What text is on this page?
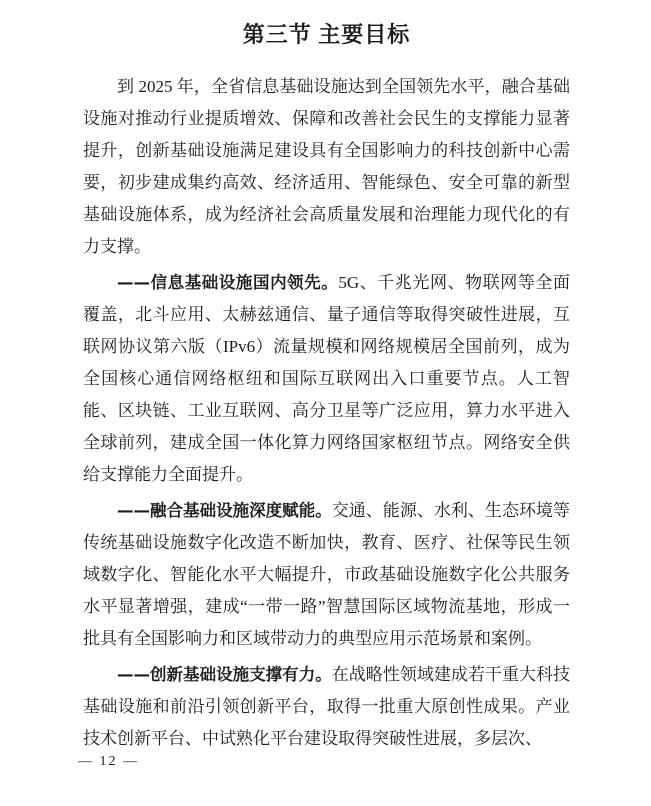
第三节 主要目标

到 2025 年，全省信息基础设施达到全国领先水平，融合基础设施对推动行业提质增效、保障和改善社会民生的支撑能力显著提升，创新基础设施满足建设具有全国影响力的科技创新中心需要，初步建成集约高效、经济适用、智能绿色、安全可靠的新型基础设施体系，成为经济社会高质量发展和治理能力现代化的有力支撑。

——信息基础设施国内领先。5G、千兆光网、物联网等全面覆盖，北斗应用、太赫兹通信、量子通信等取得突破性进展，互联网协议第六版（IPv6）流量规模和网络规模居全国前列，成为全国核心通信网络枢纽和国际互联网出入口重要节点。人工智能、区块链、工业互联网、高分卫星等广泛应用，算力水平进入全球前列，建成全国一体化算力网络国家枢纽节点。网络安全供给支撑能力全面提升。

——融合基础设施深度赋能。交通、能源、水利、生态环境等传统基础设施数字化改造不断加快，教育、医疗、社保等民生领域数字化、智能化水平大幅提升，市政基础设施数字化公共服务水平显著增强，建成“一带一路”智慧国际区域物流基地，形成一批具有全国影响力和区域带动力的典型应用示范场景和案例。

——创新基础设施支撑有力。在战略性领域建成若干重大科技基础设施和前沿引领创新平台，取得一批重大原创性成果。产业技术创新平台、中试熟化平台建设取得突破性进展，多层次、

— 12 —
